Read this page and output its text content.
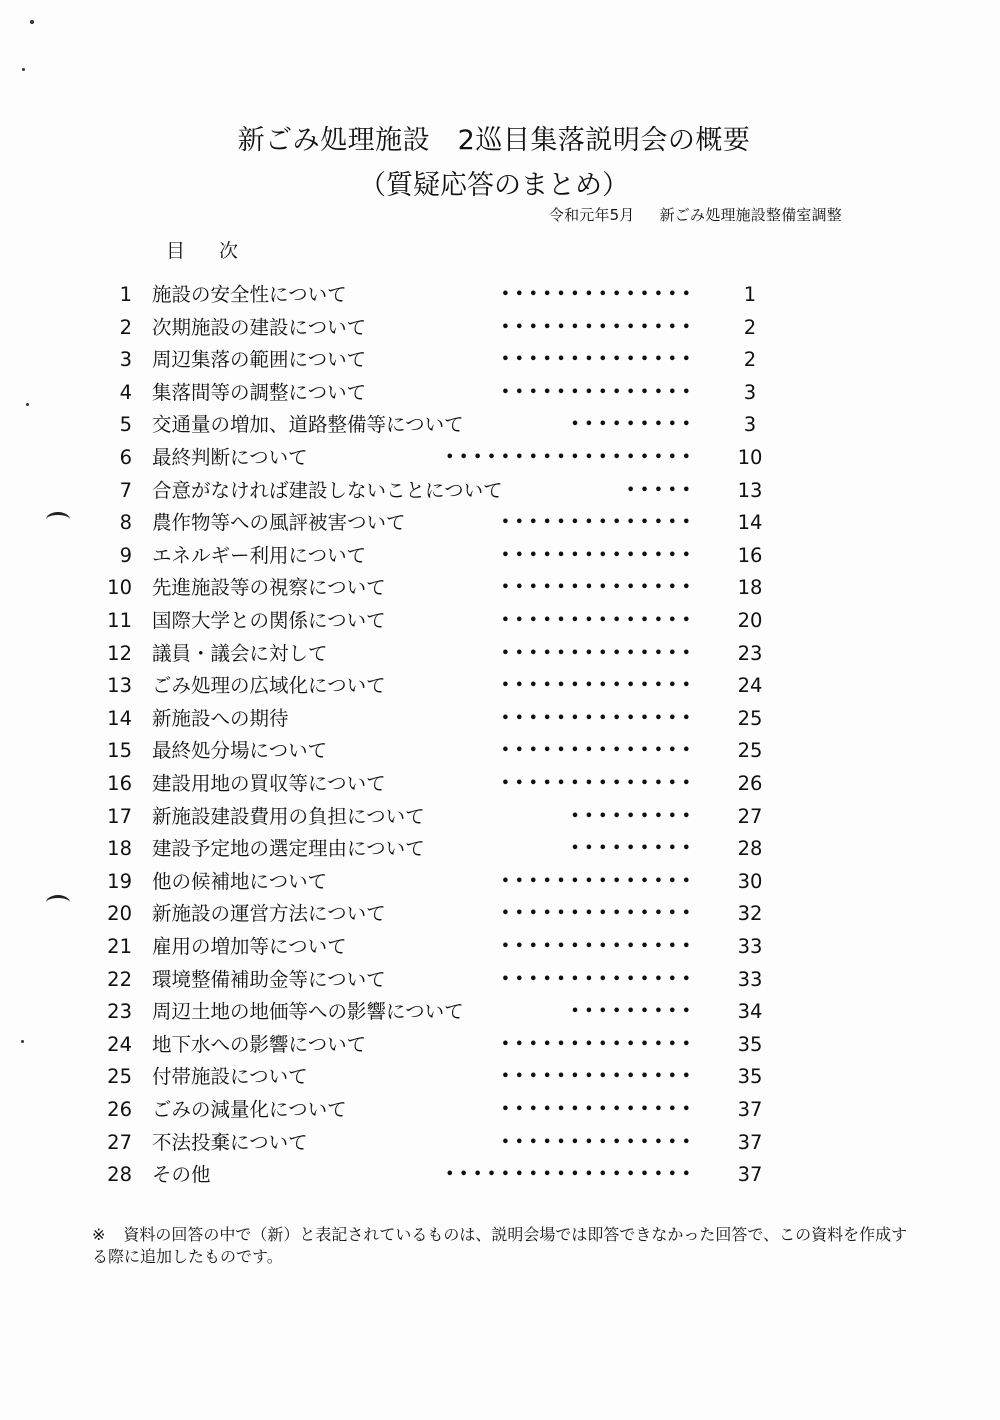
新ごみ処理施設　2巡目集落説明会の概要
（質疑応答のまとめ）
令和元年5月 新ごみ処理施設整備室調整
目 次
1 施設の安全性について	••••••••••••••	1
2 次期施設の建設について	••••••••••••••	2
3 周辺集落の範囲について	••••••••••••••	2
4 集落間等の調整について	••••••••••••••	3
5 交通量の増加、道路整備等について	•••••••••	3
6 最終判断について	••••••••••••••••••	10
7 合意がなければ建設しないことについて	•••••	13
8 農作物等への風評被害ついて	••••••••••••••	14
9 エネルギー利用について	••••••••••••••	16
10 先進施設等の視察について	••••••••••••••	18
11 国際大学との関係について	••••••••••••••	20
12 議員・議会に対して	••••••••••••••	23
13 ごみ処理の広域化について	••••••••••••••	24
14 新施設への期待	••••••••••••••	25
15 最終処分場について	••••••••••••••	25
16 建設用地の買収等について	••••••••••••••	26
17 新施設建設費用の負担について	•••••••••	27
18 建設予定地の選定理由について	•••••••••	28
19 他の候補地について	••••••••••••••	30
20 新施設の運営方法について	••••••••••••••	32
21 雇用の増加等について	••••••••••••••	33
22 環境整備補助金等について	••••••••••••••	33
23 周辺土地の地価等への影響について	•••••••••	34
24 地下水への影響について	••••••••••••••	35
25 付帯施設について	••••••••••••••	35
26 ごみの減量化について	••••••••••••••	37
27 不法投棄について	••••••••••••••	37
28 その他	••••••••••••••••••	37
※ 資料の回答の中で（新）と表記されているものは、説明会場では即答できなかった回答で、この資料を作成する際に追加したものです。
